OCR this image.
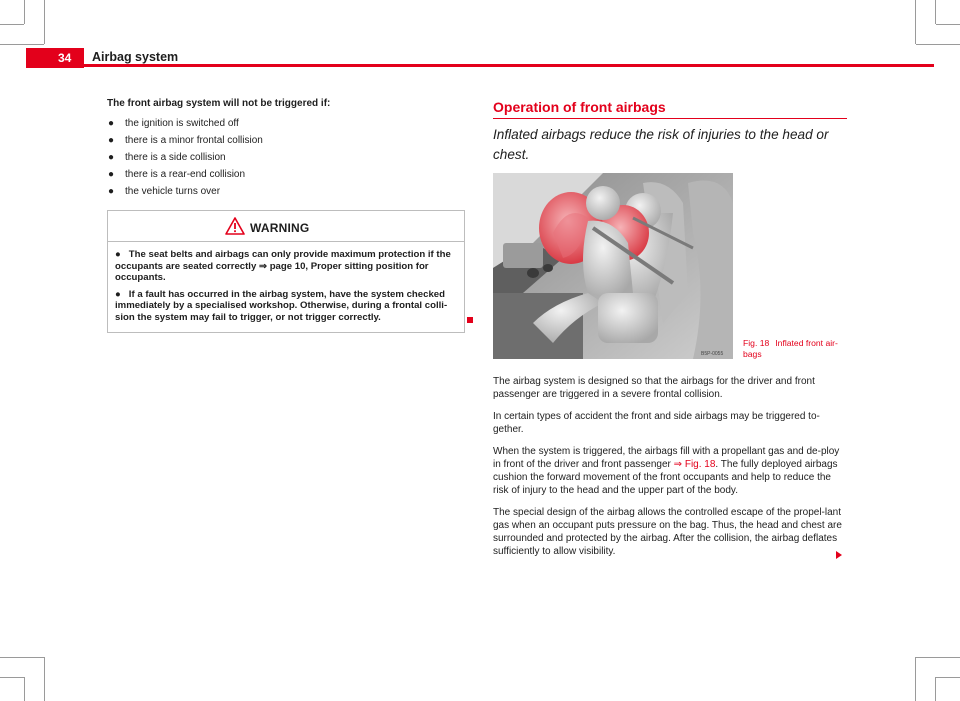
34	Airbag system

The front airbag system will not be triggered if:

● the ignition is switched off
● there is a minor frontal collision
● there is a side collision
● there is a rear-end collision
● the vehicle turns over
WARNING

● The seat belts and airbags can only provide maximum protection if the occupants are seated correctly ⇒ page 10, Proper sitting position for occupants.

● If a fault has occurred in the airbag system, have the system checked immediately by a specialised workshop. Otherwise, during a frontal colli-sion the system may fail to trigger, or not trigger correctly.

Operation of front airbags
Inflated airbags reduce the risk of injuries to the head or chest.
B5P-0055
Fig. 18 Inflated front air-bags

The airbag system is designed so that the airbags for the driver and front passenger are triggered in a severe frontal collision.

In certain types of accident the front and side airbags may be triggered to-gether.

When the system is triggered, the airbags fill with a propellant gas and de-ploy in front of the driver and front passenger ⇒ Fig. 18. The fully deployed airbags cushion the forward movement of the front occupants and help to reduce the risk of injury to the head and the upper part of the body.

The special design of the airbag allows the controlled escape of the propel-lant gas when an occupant puts pressure on the bag. Thus, the head and chest are surrounded and protected by the airbag. After the collision, the airbag deflates sufficiently to allow visibility.
